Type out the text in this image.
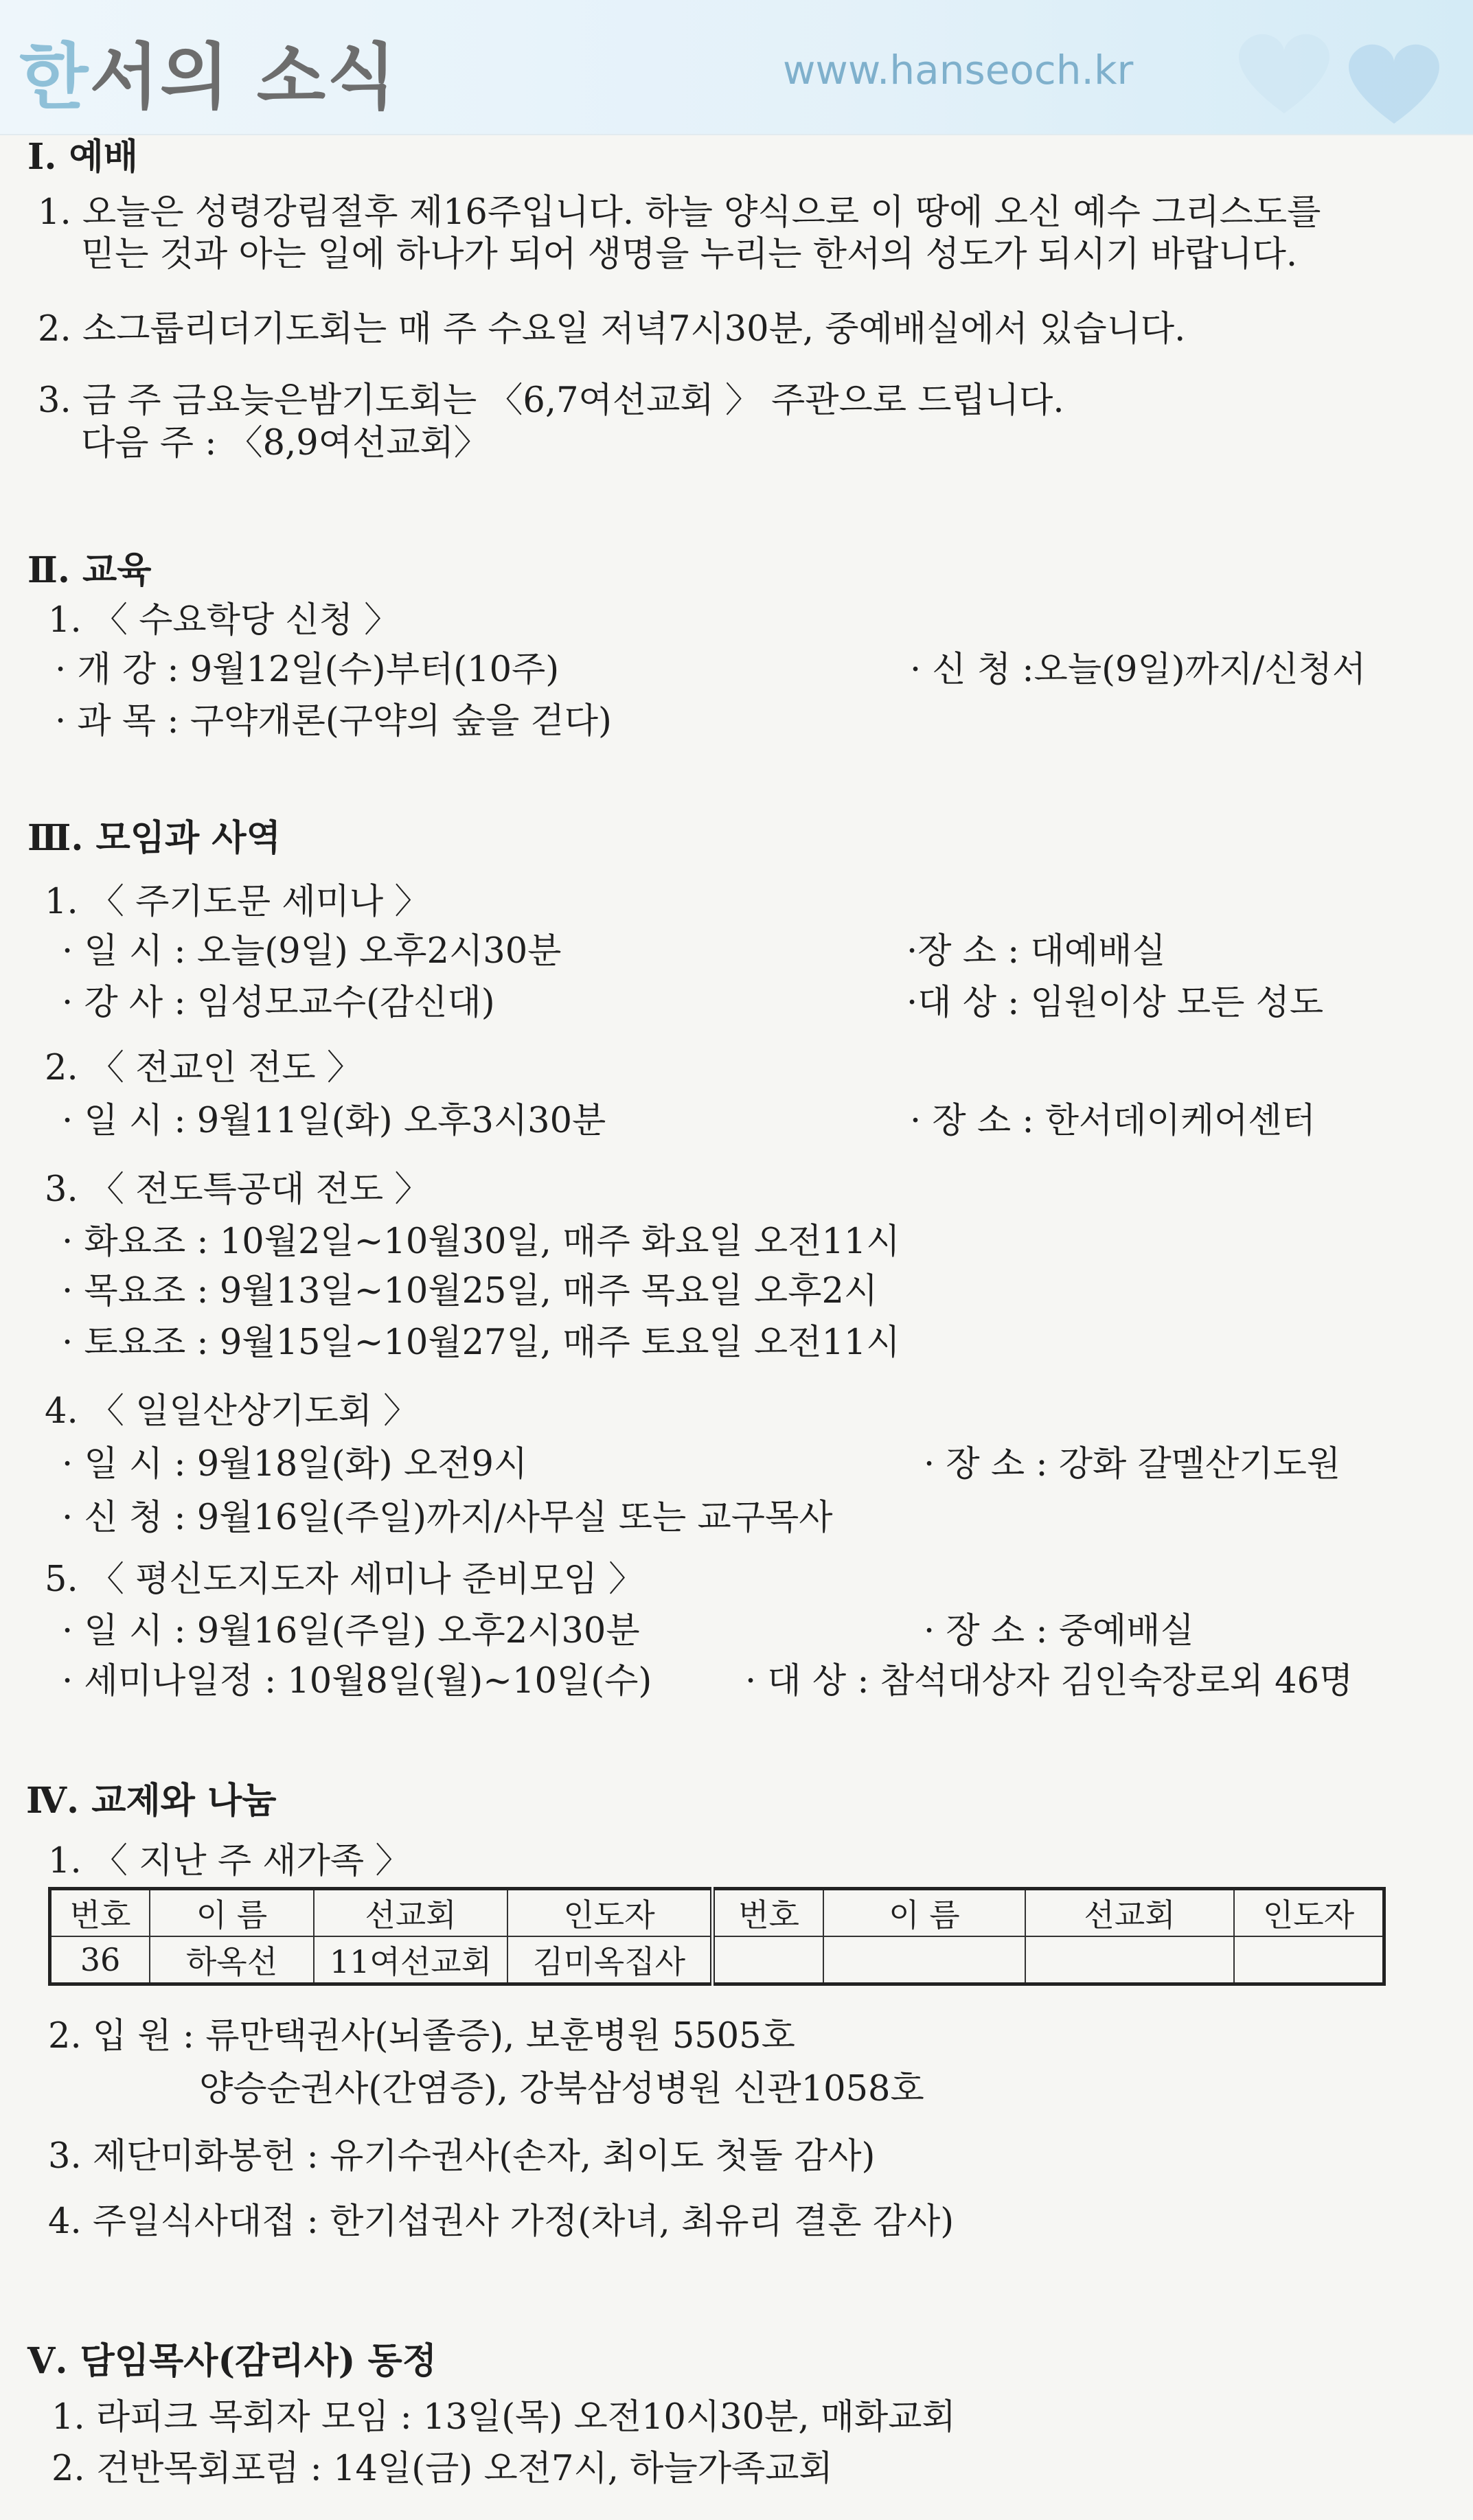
한서의 소식	www.hanseoch.kr
Ⅰ. 예배
1. 오늘은 성령강림절후 제16주입니다. 하늘 양식으로 이 땅에 오신 예수 그리스도를
믿는 것과 아는 일에 하나가 되어 생명을 누리는 한서의 성도가 되시기 바랍니다.
2. 소그룹리더기도회는 매 주 수요일 저녁7시30분, 중예배실에서 있습니다.
3. 금 주 금요늦은밤기도회는 〈6,7여선교회 〉 주관으로 드립니다.
다음 주 : 〈8,9여선교회〉
Ⅱ. 교육
1. 〈 수요학당 신청 〉
· 개 강 : 9월12일(수)부터(10주)	· 신 청 :오늘(9일)까지/신청서
· 과 목 : 구약개론(구약의 숲을 걷다)
Ⅲ. 모임과 사역
1. 〈 주기도문 세미나 〉
· 일 시 : 오늘(9일) 오후2시30분	·장 소 : 대예배실
· 강 사 : 임성모교수(감신대)	·대 상 : 임원이상 모든 성도
2. 〈 전교인 전도 〉
· 일 시 : 9월11일(화) 오후3시30분	· 장 소 : 한서데이케어센터
3. 〈 전도특공대 전도 〉
· 화요조 : 10월2일~10월30일, 매주 화요일 오전11시
· 목요조 : 9월13일~10월25일, 매주 목요일 오후2시
· 토요조 : 9월15일~10월27일, 매주 토요일 오전11시
4. 〈 일일산상기도회 〉
· 일 시 : 9월18일(화) 오전9시	· 장 소 : 강화 갈멜산기도원
· 신 청 : 9월16일(주일)까지/사무실 또는 교구목사
5. 〈 평신도지도자 세미나 준비모임 〉
· 일 시 : 9월16일(주일) 오후2시30분	· 장 소 : 중예배실
· 세미나일정 : 10월8일(월)~10일(수)	· 대 상 : 참석대상자 김인숙장로외 46명
Ⅳ. 교제와 나눔
1. 〈 지난 주 새가족 〉
번호	이 름	선교회	인도자	번호	이 름	선교회	인도자
36	하옥선	11여선교회	김미옥집사				
2. 입 원 : 류만택권사(뇌졸증), 보훈병원 5505호
양승순권사(간염증), 강북삼성병원 신관1058호
3. 제단미화봉헌 : 유기수권사(손자, 최이도 첫돌 감사)
4. 주일식사대접 : 한기섭권사 가정(차녀, 최유리 결혼 감사)
Ⅴ. 담임목사(감리사) 동정
1. 라피크 목회자 모임 : 13일(목) 오전10시30분, 매화교회
2. 건반목회포럼 : 14일(금) 오전7시, 하늘가족교회
